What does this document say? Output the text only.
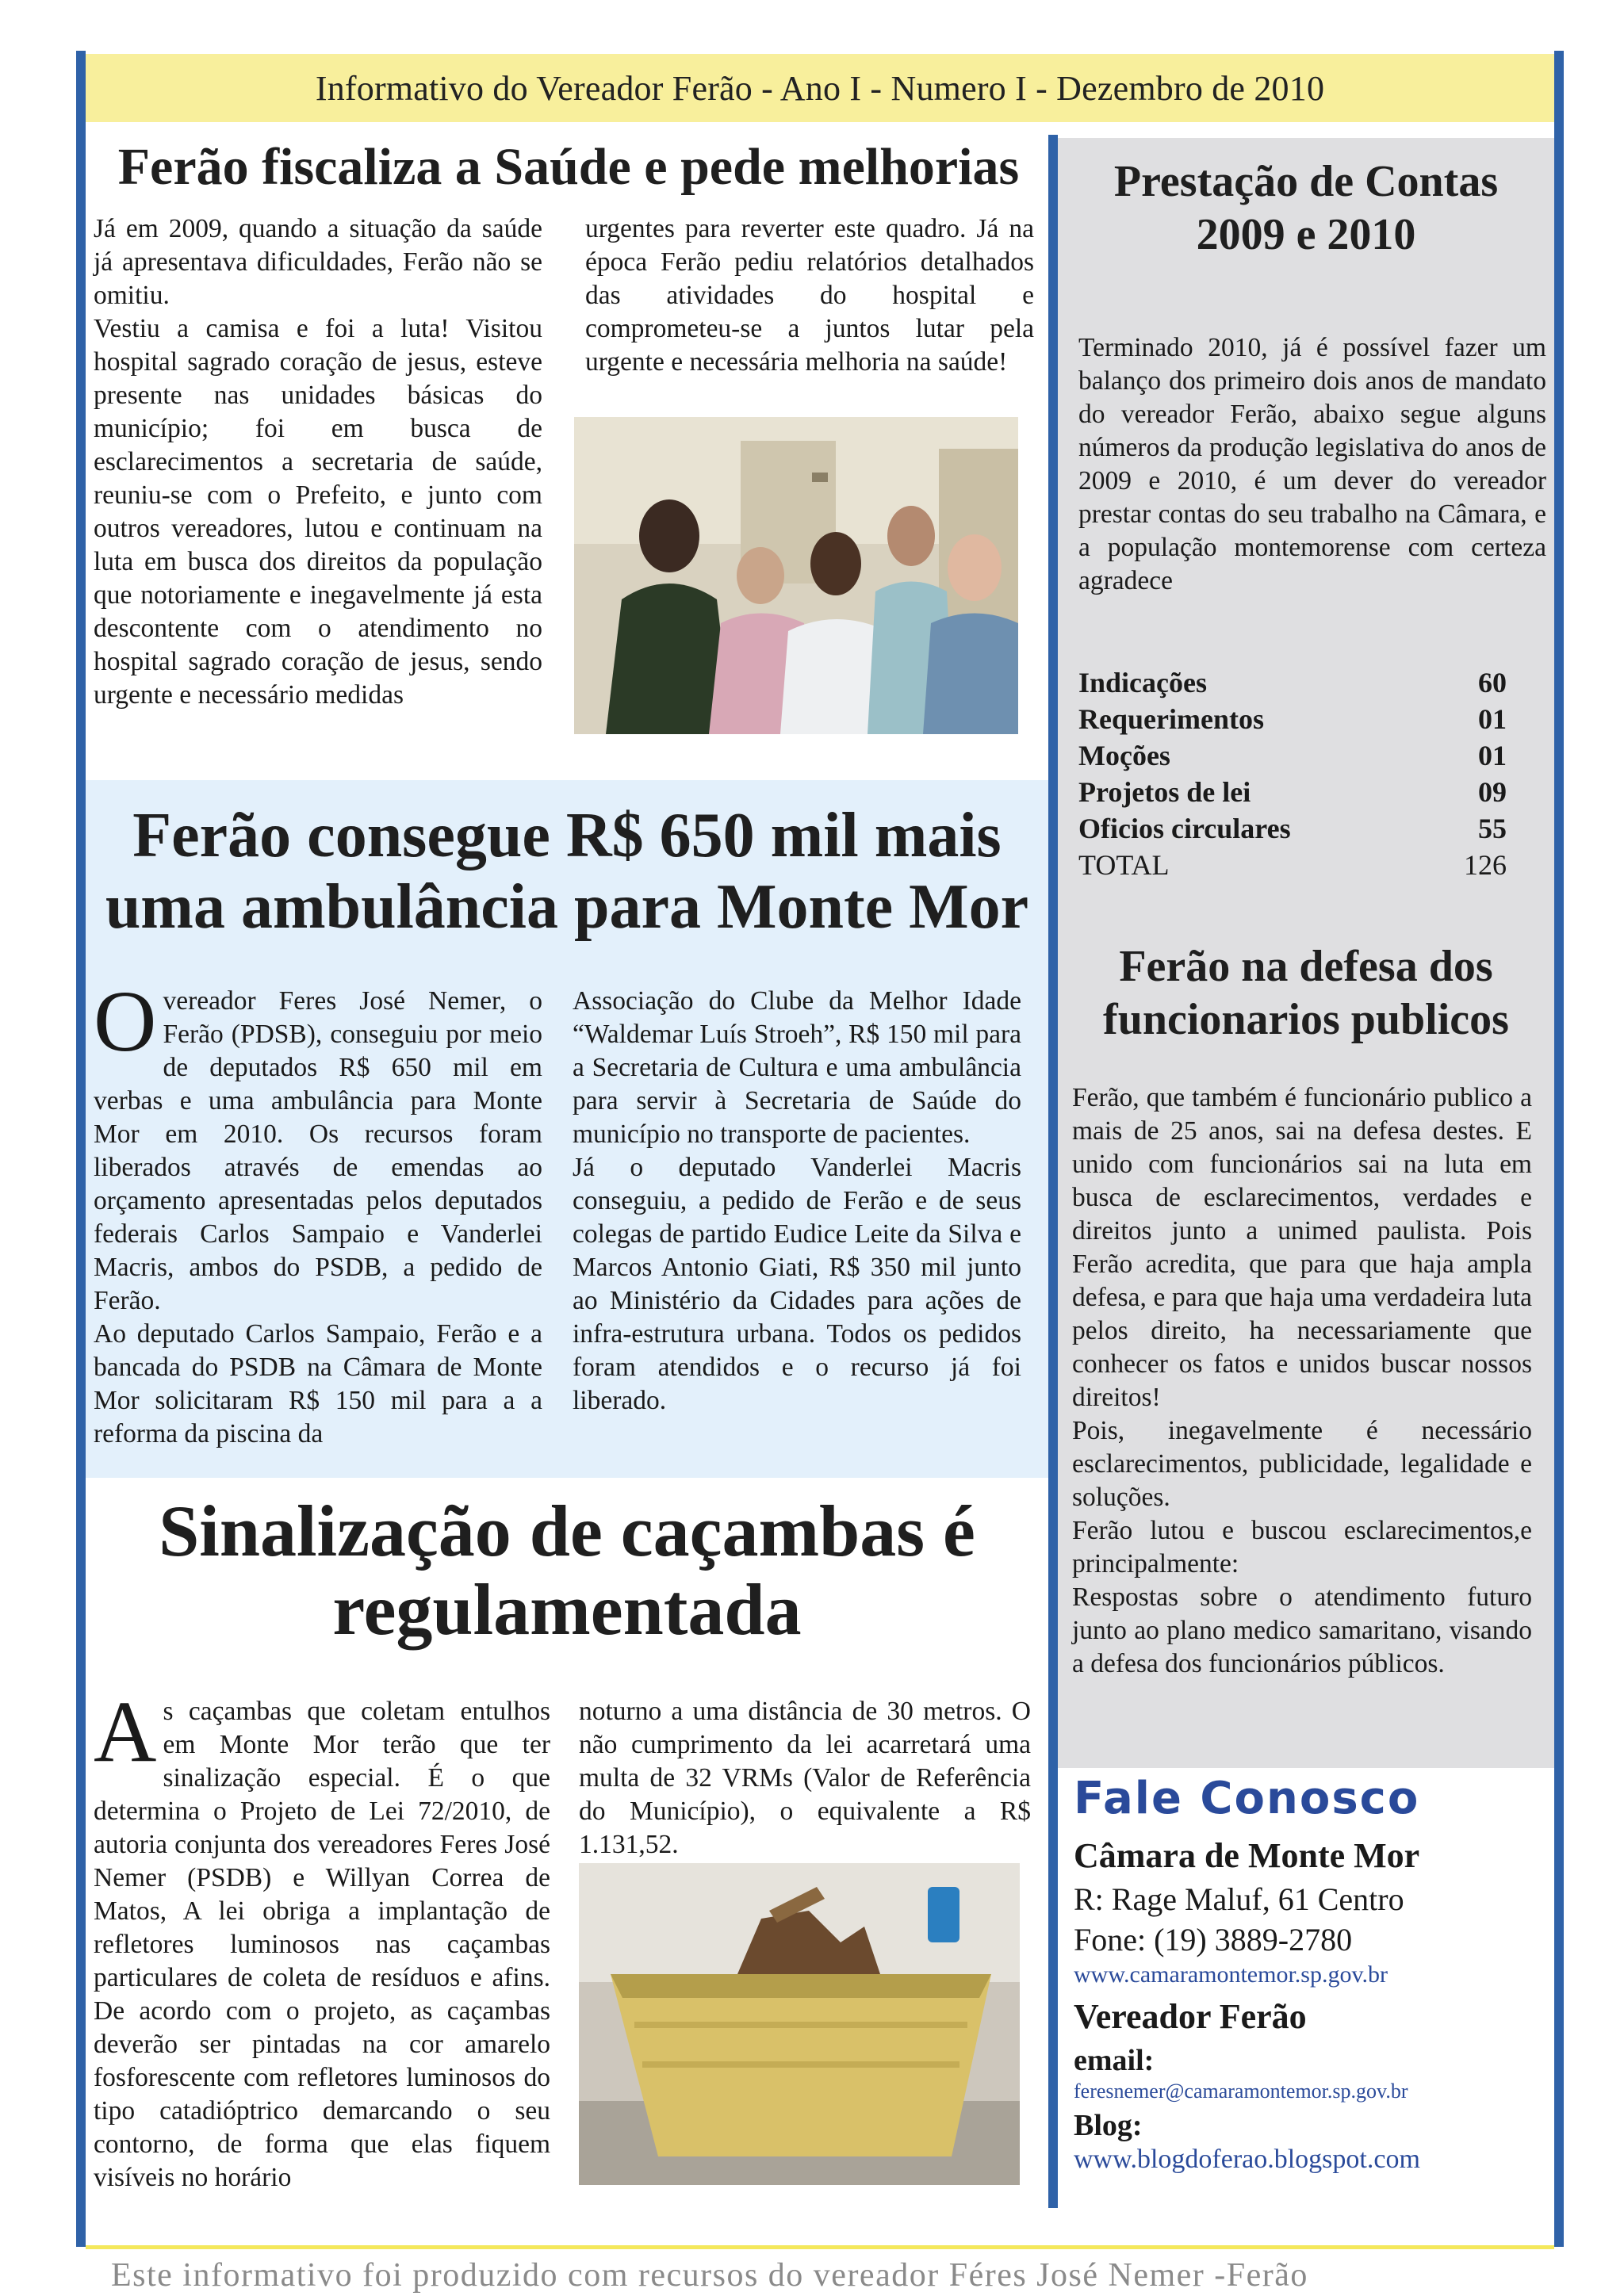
Informativo do Vereador Ferão - Ano I - Numero I - Dezembro de 2010
Ferão fiscaliza a Saúde e pede melhorias

Já em 2009, quando a situação da saúde já apresentava dificuldades, Ferão não se omitiu.

Vestiu a camisa e foi a luta! Visitou hospital sagrado coração de jesus, esteve presente nas unidades básicas do município; foi em busca de esclarecimentos a secretaria de saúde, reuniu-se com o Prefeito, e junto com outros vereadores, lutou e continuam na luta em busca dos direitos da população que notoriamente e inegavelmente já esta descontente com o atendimento no hospital sagrado coração de jesus, sendo urgente e necessário medidas

urgentes para reverter este quadro. Já na época Ferão pediu relatórios detalhados das atividades do hospital e comprometeu-se a juntos lutar pela urgente e necessária melhoria na saúde!

Ferão consegue R$ 650 mil mais
uma ambulância para Monte Mor
O vereador Feres José Nemer, o Ferão (PDSB), conseguiu por meio de deputados R$ 650 mil em verbas e uma ambulância para Monte Mor em 2010. Os recursos foram liberados através de emendas ao orçamento apresentadas pelos deputados federais Carlos Sampaio e Vanderlei Macris, ambos do PSDB, a pedido de Ferão.

Ao deputado Carlos Sampaio, Ferão e a bancada do PSDB na Câmara de Monte Mor solicitaram R$ 150 mil para a a reforma da piscina da

Associação do Clube da Melhor Idade “Waldemar Luís Stroeh”, R$ 150 mil para a Secretaria de Cultura e uma ambulância para servir à Secretaria de Saúde do município no transporte de pacientes.

Já o deputado Vanderlei Macris conseguiu, a pedido de Ferão e de seus colegas de partido Eudice Leite da Silva e Marcos Antonio Giati, R$ 350 mil junto ao Ministério da Cidades para ações de infra-estrutura urbana. Todos os pedidos foram atendidos e o recurso já foi liberado.

Sinalização de caçambas é
regulamentada
A s caçambas que coletam entulhos em Monte Mor terão que ter sinalização especial. É o que determina o Projeto de Lei 72/2010, de autoria conjunta dos vereadores Feres José Nemer (PSDB) e Willyan Correa de Matos, A lei obriga a implantação de refletores luminosos nas caçambas particulares de coleta de resíduos e afins. De acordo com o projeto, as caçambas deverão ser pintadas na cor amarelo fosforescente com refletores luminosos do tipo catadióptrico demarcando o seu contorno, de forma que elas fiquem visíveis no horário

noturno a uma distância de 30 metros. O não cumprimento da lei acarretará uma multa de 32 VRMs (Valor de Referência do Município), o equivalente a R$ 1.131,52.

Prestação de Contas
2009 e 2010

Terminado 2010, já é possível fazer um balanço dos primeiro dois anos de mandato do vereador Ferão, abaixo segue alguns números da produção legislativa do anos de 2009 e 2010, é um dever do vereador prestar contas do seu trabalho na Câmara, e a população montemorense com certeza agradece

Indicações	60
Requerimentos	01
Moções	01
Projetos de lei	09
Oficios circulares	55
TOTAL	126
Ferão na defesa dos
funcionarios publicos

Ferão, que também é funcionário publico a mais de 25 anos, sai na defesa destes. E unido com funcionários sai na luta em busca de esclarecimentos, verdades e direitos junto a unimed paulista. Pois Ferão acredita, que para que haja ampla defesa, e para que haja uma verdadeira luta pelos direito, ha necessariamente que conhecer os fatos e unidos buscar nossos direitos!

Pois, inegavelmente é necessário esclarecimentos, publicidade, legalidade e soluções.

Ferão lutou e buscou esclarecimentos,e principalmente:

Respostas sobre o atendimento futuro junto ao plano medico samaritano, visando a defesa dos funcionários públicos.

Fale Conosco
Câmara de Monte Mor
R: Rage Maluf, 61 Centro
Fone: (19) 3889-2780
www.camaramontemor.sp.gov.br
Vereador Ferão
email:
feresnemer@camaramontemor.sp.gov.br
Blog:
www.blogdoferao.blogspot.com
Este informativo foi produzido com recursos do vereador Féres José Nemer -Ferão
